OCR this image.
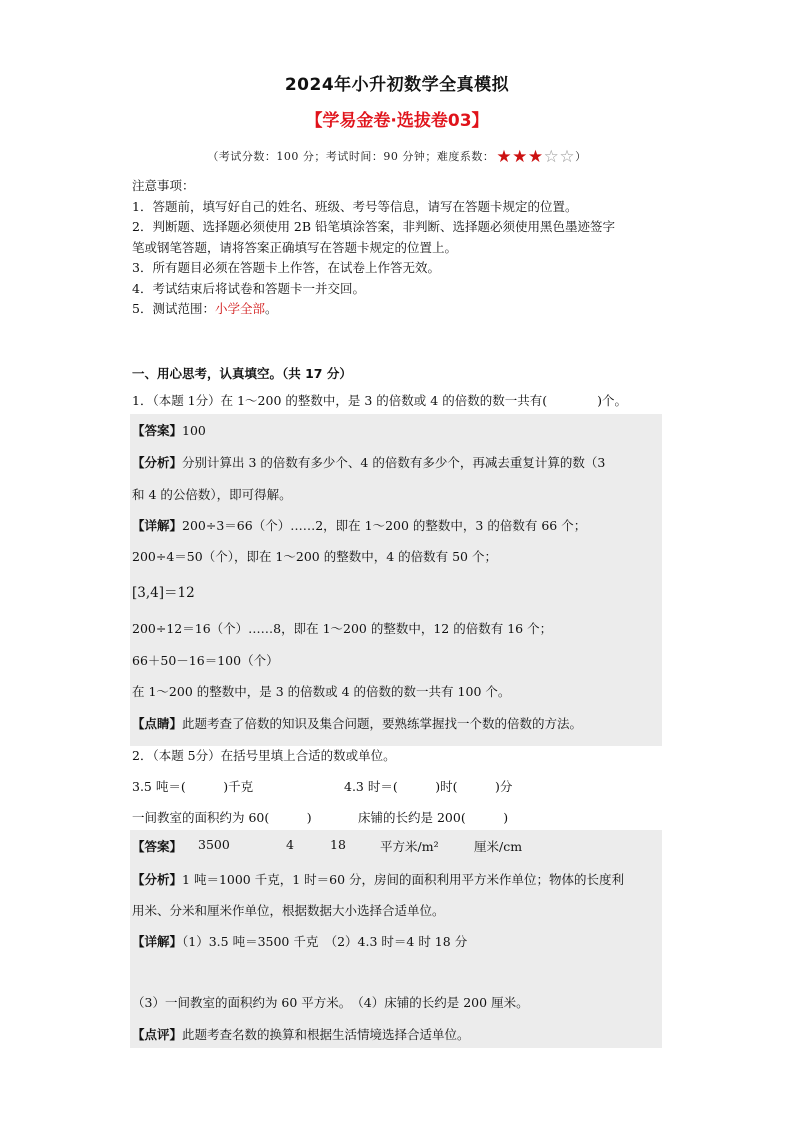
2024年小升初数学全真模拟
【学易金卷·选拔卷03】
（考试分数：100 分；考试时间：90 分钟；难度系数： ★★★☆☆）
注意事项：
1．答题前，填写好自己的姓名、班级、考号等信息，请写在答题卡规定的位置。
2．判断题、选择题必须使用 2B 铅笔填涂答案，非判断、选择题必须使用黑色墨迹签字
笔或钢笔答题，请将答案正确填写在答题卡规定的位置上。
3．所有题目必须在答题卡上作答，在试卷上作答无效。
4．考试结束后将试卷和答题卡一并交回。
5．测试范围：小学全部。
一、用心思考，认真填空。（共 17 分）
1．（本题 1分）在 1～200 的整数中，是 3 的倍数或 4 的倍数的数一共有(　　　　)个。
【答案】100
【分析】分别计算出 3 的倍数有多少个、4 的倍数有多少个，再减去重复计算的数（3
和 4 的公倍数），即可得解。
【详解】200÷3＝66（个）……2，即在 1～200 的整数中，3 的倍数有 66 个；
200÷4＝50（个），即在 1～200 的整数中，4 的倍数有 50 个；
[3,4]＝12
200÷12＝16（个）……8，即在 1～200 的整数中，12 的倍数有 16 个；
66＋50－16＝100（个）
在 1～200 的整数中，是 3 的倍数或 4 的倍数的数一共有 100 个。
【点睛】此题考查了倍数的知识及集合问题，要熟练掌握找一个数的倍数的方法。
2．（本题 5分）在括号里填上合适的数或单位。
3.5 吨＝(　　　)千克	4.3 时＝(　　　)时(　　　)分
一间教室的面积约为 60(　　　)	床铺的长约是 200(　　　)
【答案】 3500	4	18	平方米/m²	厘米/cm
【分析】1 吨＝1000 千克，1 时＝60 分，房间的面积利用平方米作单位；物体的长度利
用米、分米和厘米作单位，根据数据大小选择合适单位。
【详解】（1）3.5 吨＝3500 千克　（2）4.3 时＝4 时 18 分
（3）一间教室的面积约为 60 平方米。　（4）床铺的长约是 200 厘米。
【点评】此题考查名数的换算和根据生活情境选择合适单位。
